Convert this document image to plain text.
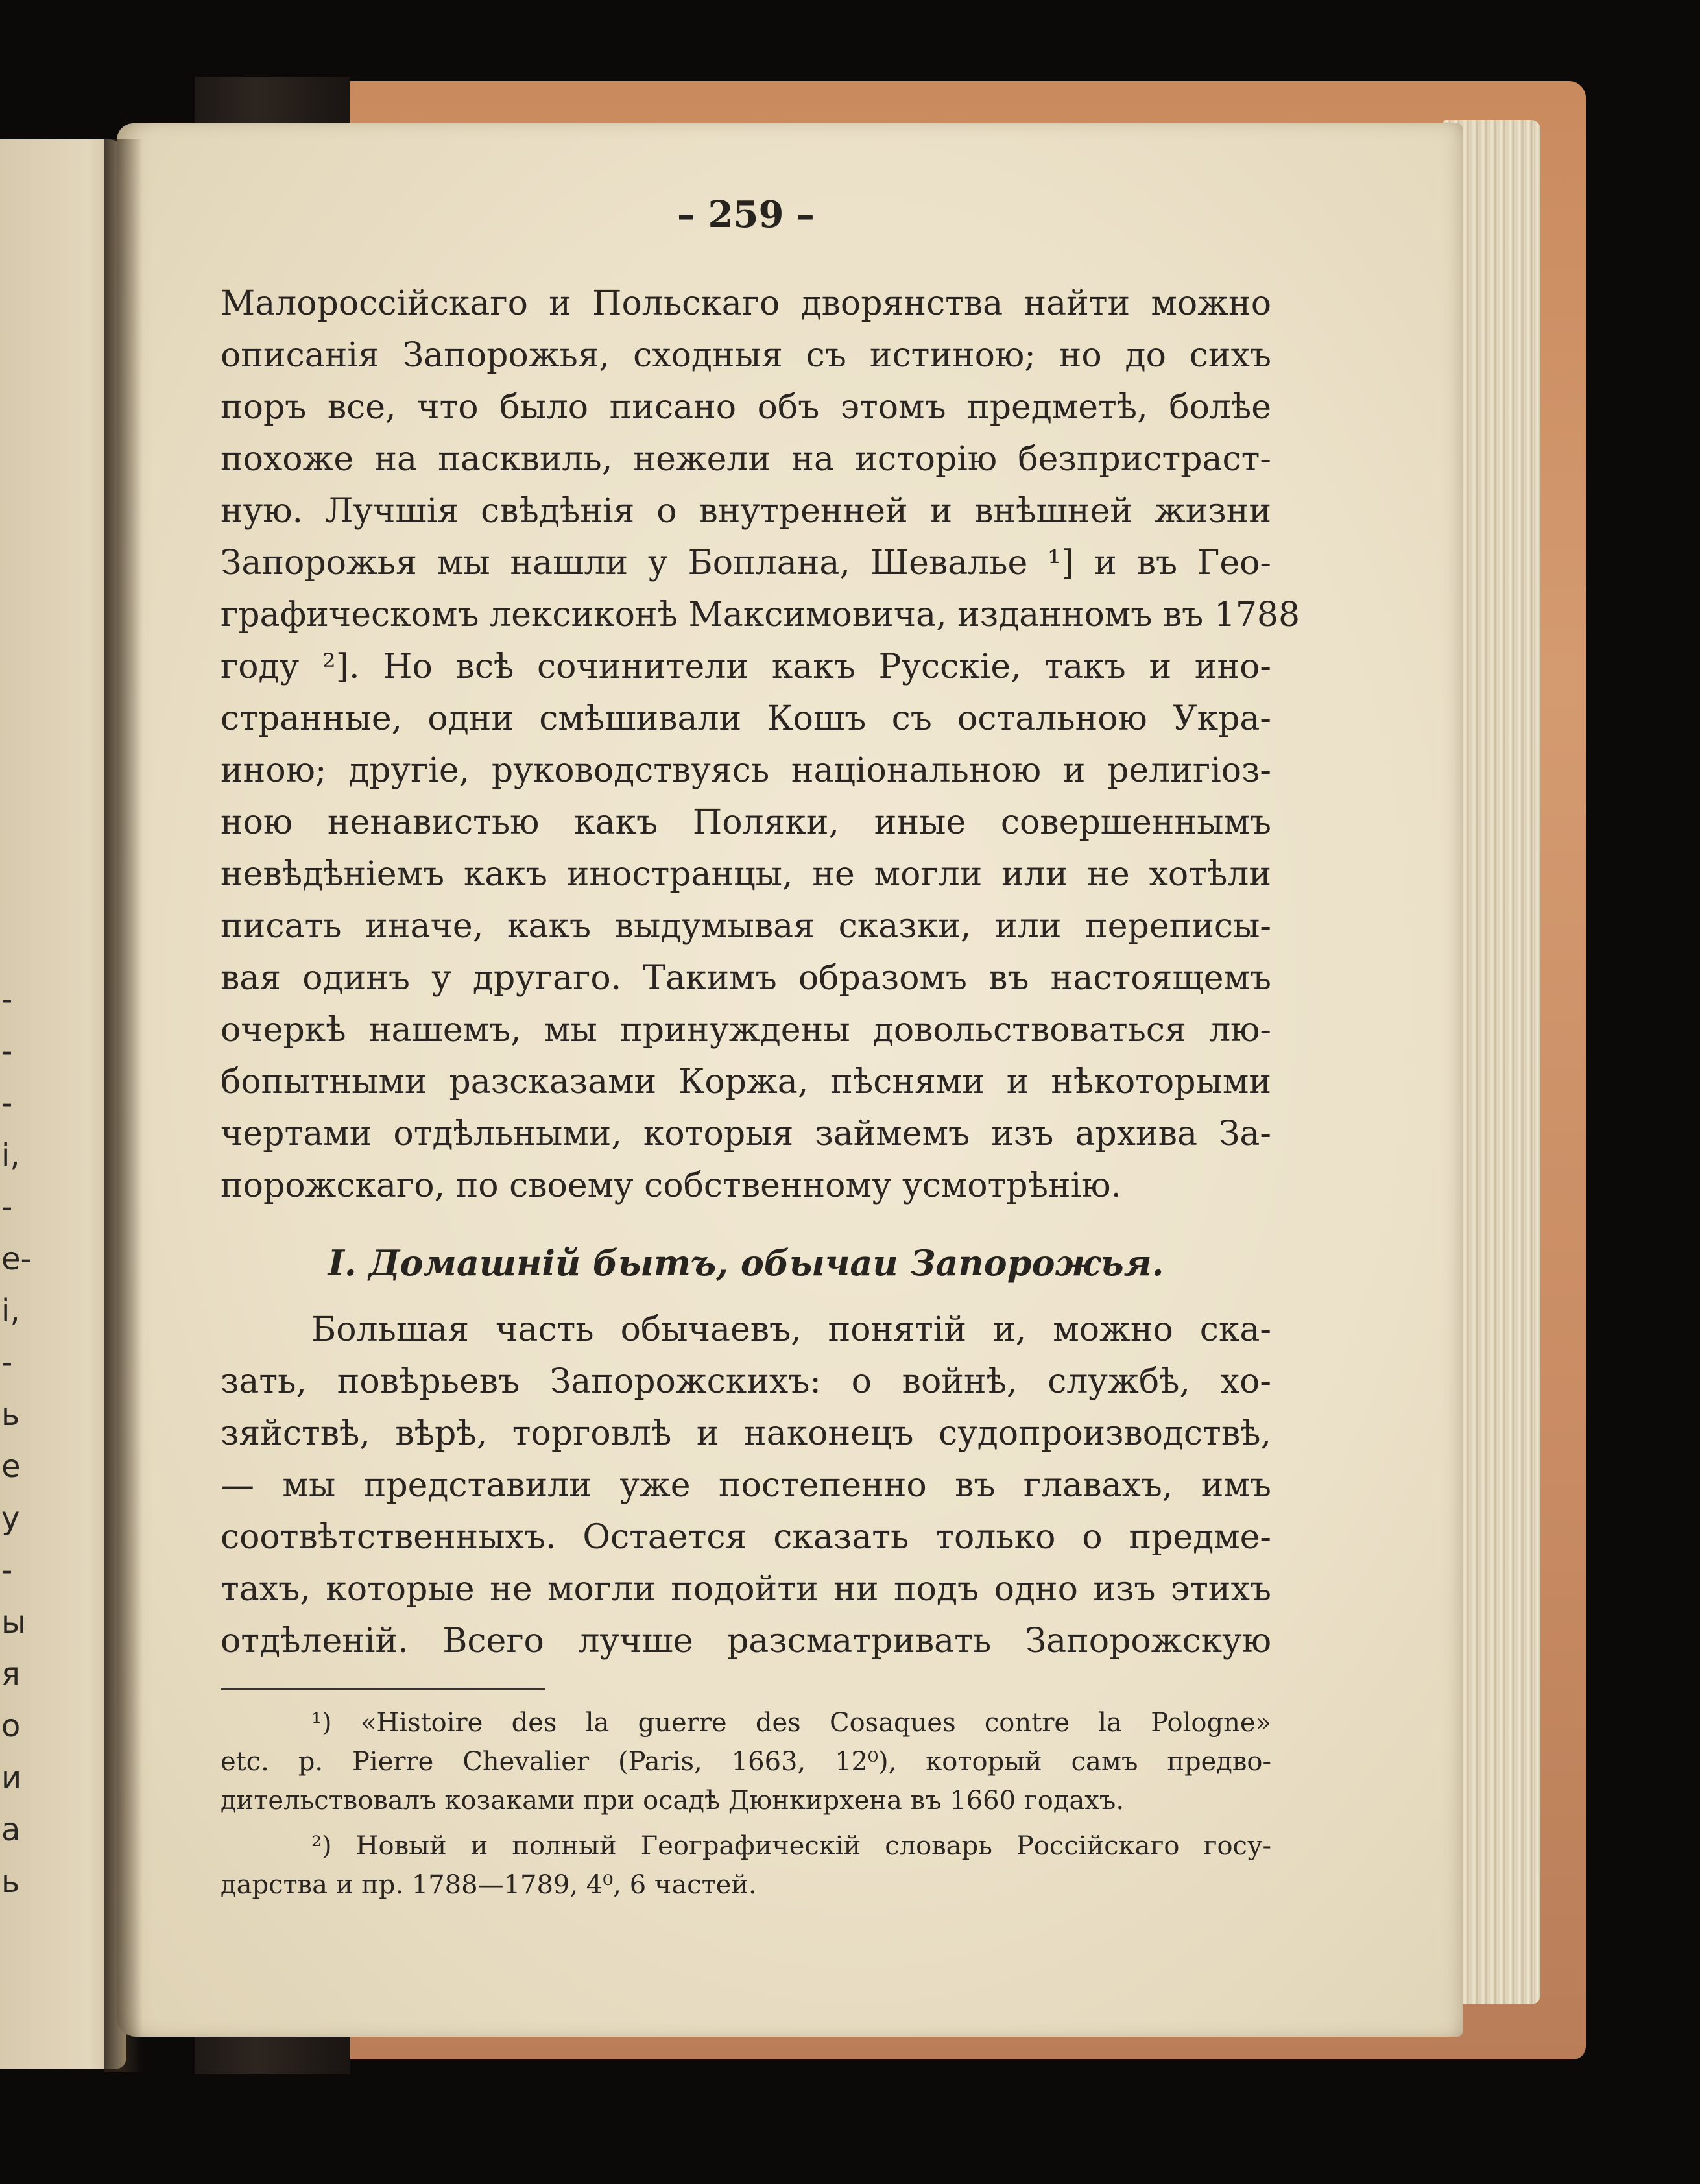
-
-
-
і,
-
е-
і,
-
ь
е
у
-
ы
я
о
и
а
ь
– 259 –
Малороссійскаго и Польскаго дворянства найти можно
описанія Запорожья, сходныя съ истиною; но до сихъ
поръ все, что было писано объ этомъ предметѣ, болѣе
похоже на пасквиль, нежели на исторію безпристраст-
ную. Лучшія свѣдѣнія о внутренней и внѣшней жизни
Запорожья мы нашли у Боплана, Шевалье ¹] и въ Гео-
графическомъ лексиконѣ Максимовича, изданномъ въ 1788
году ²]. Но всѣ сочинители какъ Русскіе, такъ и ино-
странные, одни смѣшивали Кошъ съ остальною Укра-
иною; другіе, руководствуясь національною и религіоз-
ною ненавистью какъ Поляки, иные совершеннымъ
невѣдѣніемъ какъ иностранцы, не могли или не хотѣли
писать иначе, какъ выдумывая сказки, или переписы-
вая одинъ у другаго. Такимъ образомъ въ настоящемъ
очеркѣ нашемъ, мы принуждены довольствоваться лю-
бопытными разсказами Коржа, пѣснями и нѣкоторыми
чертами отдѣльными, которыя займемъ изъ архива За-
порожскаго, по своему собственному усмотрѣнію.
I. Домашній бытъ, обычаи Запорожья.
Большая часть обычаевъ, понятій и, можно ска-
зать, повѣрьевъ Запорожскихъ: о войнѣ, службѣ, хо-
зяйствѣ, вѣрѣ, торговлѣ и наконецъ судопроизводствѣ,
— мы представили уже постепенно въ главахъ, имъ
соотвѣтственныхъ. Остается сказать только о предме-
тахъ, которые не могли подойти ни подъ одно изъ этихъ
отдѣленій. Всего лучше разсматривать Запорожскую
¹) «Histoire des la guerre des Cosaques contre la Pologne»
etc. p. Pierre Chevalier (Paris, 1663, 12⁰), который самъ предво-
дительствовалъ козаками при осадѣ Дюнкирхена въ 1660 годахъ.
²) Новый и полный Географическій словарь Россійскаго госу-
дарства и пр. 1788—1789, 4⁰, 6 частей.
